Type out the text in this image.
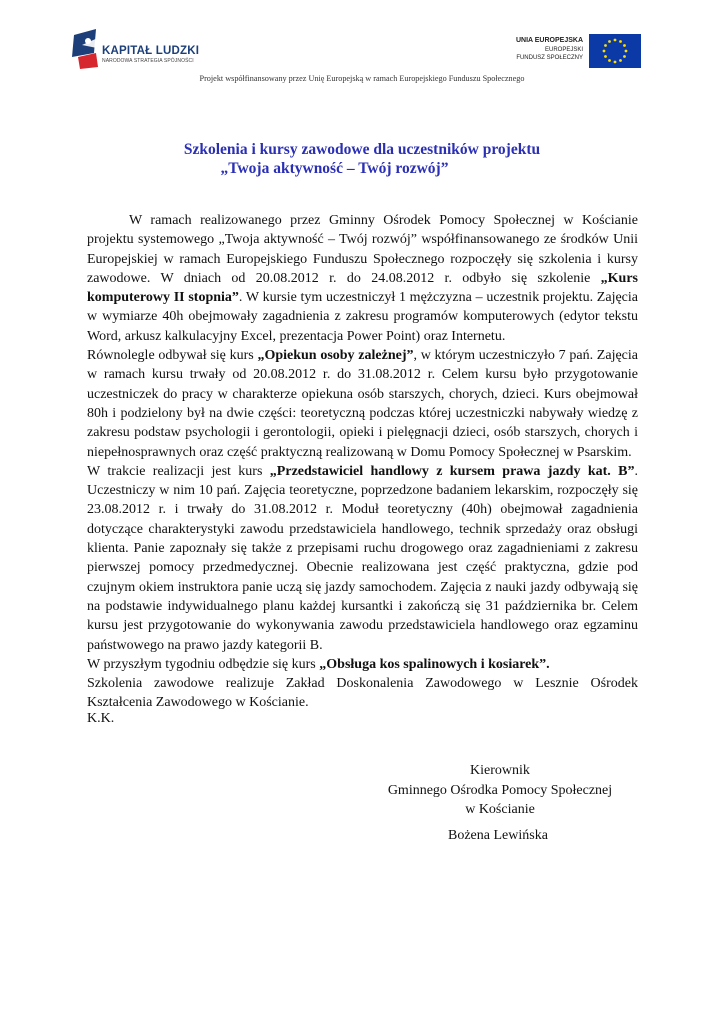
KAPITAŁ LUDZKI
NARODOWA STRATEGIA SPÓJNOŚCI
UNIA EUROPEJSKA
EUROPEJSKI
FUNDUSZ SPOŁECZNY
Projekt współfinansowany przez Unię Europejską w ramach Europejskiego Funduszu Społecznego
Szkolenia i kursy zawodowe dla uczestników projektu
„Twoja aktywność – Twój rozwój”

W ramach realizowanego przez Gminny Ośrodek Pomocy Społecznej w Kościanie projektu systemowego „Twoja aktywność – Twój rozwój” współfinansowanego ze środków Unii Europejskiej w ramach Europejskiego Funduszu Społecznego rozpoczęły się szkolenia i kursy zawodowe. W dniach od 20.08.2012 r. do 24.08.2012 r. odbyło się szkolenie „Kurs komputerowy II stopnia”. W kursie tym uczestniczył 1 mężczyzna – uczestnik projektu. Zajęcia w wymiarze 40h obejmowały zagadnienia z zakresu programów komputerowych (edytor tekstu Word, arkusz kalkulacyjny Excel, prezentacja Power Point) oraz Internetu.

Równolegle odbywał się kurs „Opiekun osoby zależnej”, w którym uczestniczyło 7 pań. Zajęcia w ramach kursu trwały od 20.08.2012 r. do 31.08.2012 r. Celem kursu było przygotowanie uczestniczek do pracy w charakterze opiekuna osób starszych, chorych, dzieci. Kurs obejmował 80h i podzielony był na dwie części: teoretyczną podczas której uczestniczki nabywały wiedzę z zakresu podstaw psychologii i gerontologii, opieki i pielęgnacji dzieci, osób starszych, chorych i niepełnosprawnych oraz część praktyczną realizowaną w Domu Pomocy Społecznej w Psarskim.

W trakcie realizacji jest kurs „Przedstawiciel handlowy z kursem prawa jazdy kat. B”. Uczestniczy w nim 10 pań. Zajęcia teoretyczne, poprzedzone badaniem lekarskim, rozpoczęły się 23.08.2012 r. i trwały do 31.08.2012 r. Moduł teoretyczny (40h) obejmował zagadnienia dotyczące charakterystyki zawodu przedstawiciela handlowego, technik sprzedaży oraz obsługi klienta. Panie zapoznały się także z przepisami ruchu drogowego oraz zagadnieniami z zakresu pierwszej pomocy przedmedycznej. Obecnie realizowana jest część praktyczna, gdzie pod czujnym okiem instruktora panie uczą się jazdy samochodem. Zajęcia z nauki jazdy odbywają się na podstawie indywidualnego planu każdej kursantki i zakończą się 31 października br. Celem kursu jest przygotowanie do wykonywania zawodu przedstawiciela handlowego oraz egzaminu państwowego na prawo jazdy kategorii B.

W przyszłym tygodniu odbędzie się kurs „Obsługa kos spalinowych i kosiarek”.

Szkolenia zawodowe realizuje Zakład Doskonalenia Zawodowego w Lesznie Ośrodek Kształcenia Zawodowego w Kościanie.

K.K.
Kierownik
Gminnego Ośrodka Pomocy Społecznej
w Kościanie
Bożena Lewińska
